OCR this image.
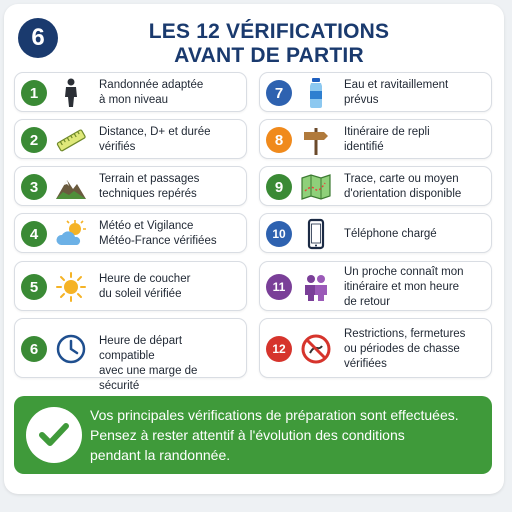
6	LES 12 VÉRIFICATIONS
AVANT DE PARTIR
1	Randonnée adaptée
à mon niveau
2	Distance, D+ et durée
vérifiés
3	Terrain et passages
techniques repérés
4	Météo et Vigilance
Météo-France vérifiées
5	Heure de coucher
du soleil vérifiée
6	Heure de départ compatible
avec une marge de sécurité
7	Eau et ravitaillement
prévus
8	Itinéraire de repli
identifié
9	Trace, carte ou moyen
d'orientation disponible
10	Téléphone chargé
11
Un proche connaît mon
itinéraire et mon heure
de retour
12
Restrictions, fermetures
ou périodes de chasse
vérifiées
Vos principales vérifications de préparation sont effectuées.
Pensez à rester attentif à l'évolution des conditions
pendant la randonnée.
